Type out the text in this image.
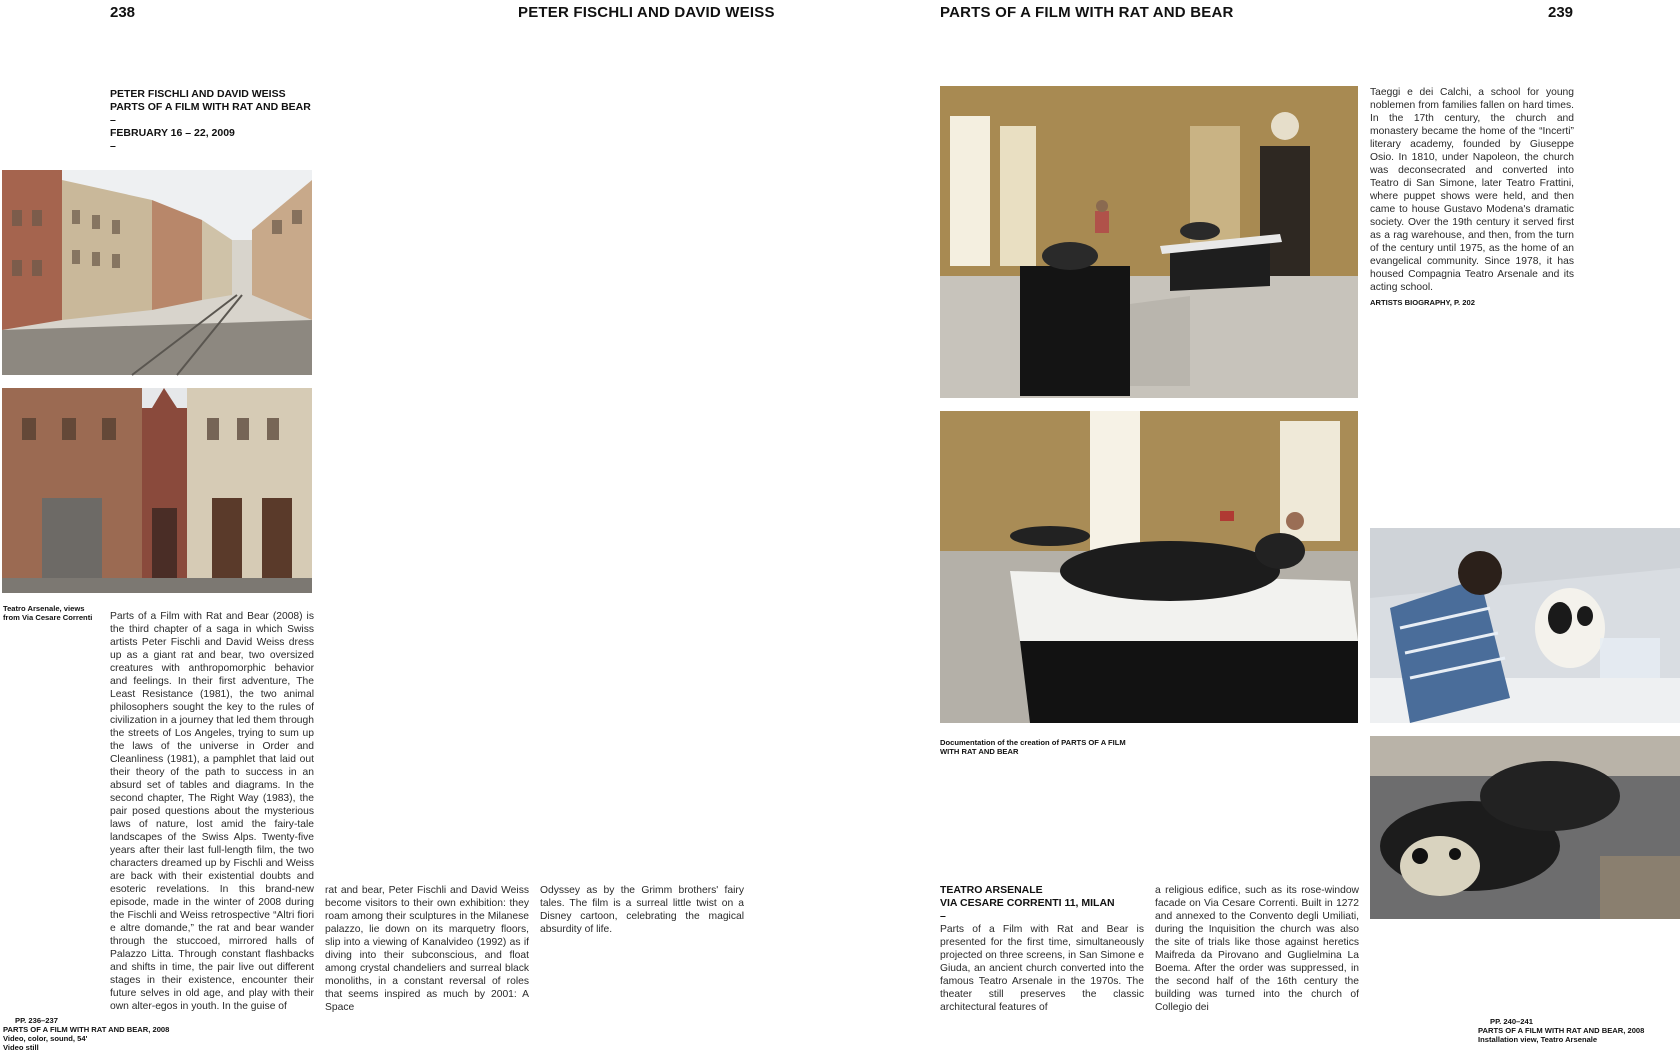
238	PETER FISCHLI AND DAVID WEISS	PARTS OF A FILM WITH RAT AND BEAR	239
PETER FISCHLI AND DAVID WEISS
PARTS OF A FILM WITH RAT AND BEAR
–
FEBRUARY 16 – 22, 2009
–
Teatro Arsenale, views from Via Cesare Correnti	Parts of a Film with Rat and Bear (2008) is the third chapter of a saga in which Swiss artists Peter Fischli and David Weiss dress up as a giant rat and bear, two oversized creatures with anthropomorphic behavior and feelings. In their first adventure, The Least Resistance (1981), the two animal philosophers sought the key to the rules of civilization in a journey that led them through the streets of Los Angeles, trying to sum up the laws of the universe in Order and Cleanliness (1981), a pamphlet that laid out their theory of the path to success in an absurd set of tables and diagrams. In the second chapter, The Right Way (1983), the pair posed questions about the mysterious laws of nature, lost amid the fairy-tale landscapes of the Swiss Alps. Twenty-five years after their last full-length film, the two characters dreamed up by Fischli and Weiss are back with their existential doubts and esoteric revelations. In this brand-new episode, made in the winter of 2008 during the Fischli and Weiss retrospective “Altri fiori e altre domande,” the rat and bear wander through the stuccoed, mirrored halls of Palazzo Litta. Through constant flashbacks and shifts in time, the pair live out different stages in their existence, encounter their future selves in old age, and play with their own alter-egos in youth. In the guise of

rat and bear, Peter Fischli and David Weiss become visitors to their own exhibition: they roam among their sculptures in the Milanese palazzo, lie down on its marquetry floors, slip into a viewing of Kanalvideo (1992) as if diving into their subconscious, and float among crystal chandeliers and surreal black monoliths, in a constant reversal of roles that seems inspired as much by 2001: A Space

Odyssey as by the Grimm brothers' fairy tales. The film is a surreal little twist on a Disney cartoon, celebrating the magical absurdity of life.

PP. 236–237
PARTS OF A FILM WITH RAT AND BEAR, 2008
Video, color, sound, 54'
Video still
Documentation of the creation of PARTS OF A FILM WITH RAT AND BEAR

Taeggi e dei Calchi, a school for young noblemen from families fallen on hard times. In the 17th century, the church and monastery became the home of the “Incerti” literary academy, founded by Giuseppe Osio. In 1810, under Napoleon, the church was deconsecrated and converted into Teatro di San Simone, later Teatro Frattini, where puppet shows were held, and then came to house Gustavo Modena's dramatic society. Over the 19th century it served first as a rag warehouse, and then, from the turn of the century until 1975, as the home of an evangelical community. Since 1978, it has housed Compagnia Teatro Arsenale and its acting school.

ARTISTS BIOGRAPHY, P. 202
TEATRO ARSENALE
VIA CESARE CORRENTI 11, MILAN
–

Parts of a Film with Rat and Bear is presented for the first time, simultaneously projected on three screens, in San Simone e Giuda, an ancient church converted into the famous Teatro Arsenale in the 1970s. The theater still preserves the classic architectural features of

a religious edifice, such as its rose-window facade on Via Cesare Correnti. Built in 1272 and annexed to the Convento degli Umiliati, during the Inquisition the church was also the site of trials like those against heretics Maifreda da Pirovano and Guglielmina La Boema. After the order was suppressed, in the second half of the 16th century the building was turned into the church of Collegio dei

PP. 240–241
PARTS OF A FILM WITH RAT AND BEAR, 2008
Installation view, Teatro Arsenale
